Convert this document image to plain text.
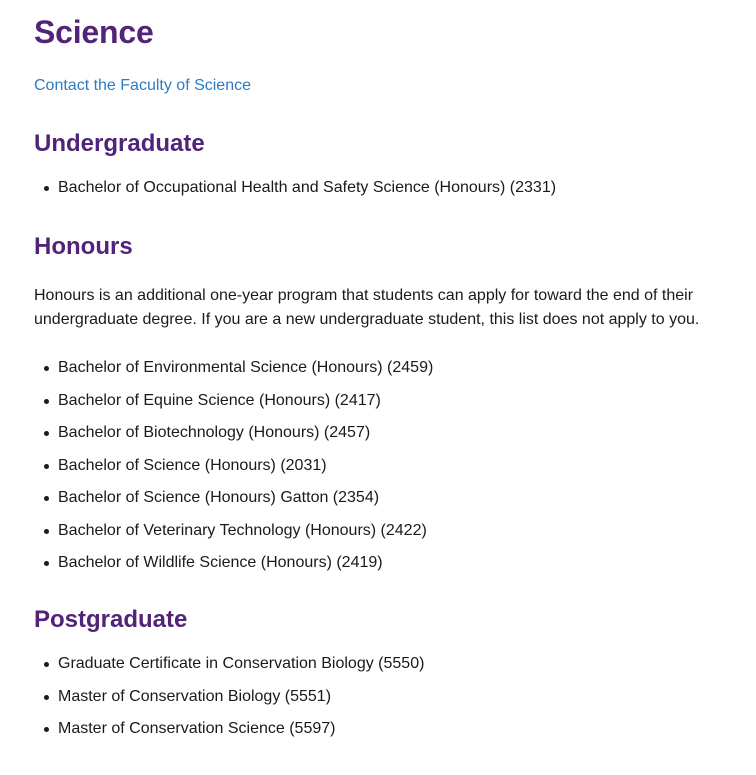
Science
Contact the Faculty of Science
Undergraduate
Bachelor of Occupational Health and Safety Science (Honours) (2331)
Honours

Honours is an additional one-year program that students can apply for toward the end of their undergraduate degree. If you are a new undergraduate student, this list does not apply to you.

Bachelor of Environmental Science (Honours) (2459)
Bachelor of Equine Science (Honours) (2417)
Bachelor of Biotechnology (Honours) (2457)
Bachelor of Science (Honours) (2031)
Bachelor of Science (Honours) Gatton (2354)
Bachelor of Veterinary Technology (Honours) (2422)
Bachelor of Wildlife Science (Honours) (2419)
Postgraduate
Graduate Certificate in Conservation Biology (5550)
Master of Conservation Biology (5551)
Master of Conservation Science (5597)
